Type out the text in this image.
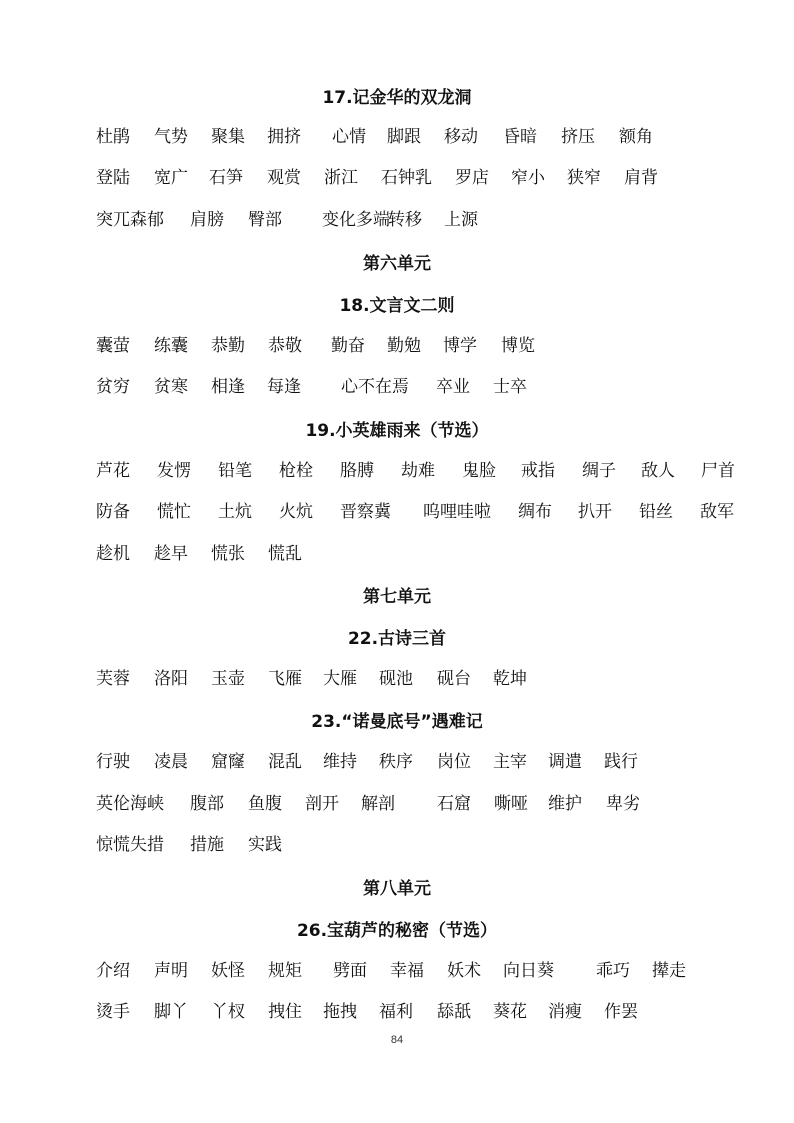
17.记金华的双龙洞
杜鹃 气势 聚集 拥挤 心情 脚跟 移动 昏暗 挤压 额角
登陆 宽广 石笋 观赏 浙江 石钟乳 罗店 窄小 狭窄 肩背
突兀森郁 肩膀 臀部 变化多端
转移 上源
第六单元
18.文言文二则
囊萤 练囊 恭勤 恭敬 勤奋 勤勉 博学 博览
贫穷 贫寒 相逢 每逢 心不在焉 卒业 士卒
19.小英雄雨来（节选）
芦花 发愣 铅笔 枪栓 胳膊 劫难 鬼脸 戒指 绸子 敌人 尸首
防备 慌忙 土炕 火炕 晋察冀 呜哩哇啦 绸布 扒开 铅丝 敌军
趁机 趁早 慌张 慌乱
第七单元
22.古诗三首
芙蓉 洛阳 玉壶 飞雁 大雁 砚池 砚台 乾坤
23.“诺曼底号”遇难记
行驶 凌晨 窟窿 混乱 维持 秩序 岗位 主宰 调遣 践行
英伦海峡 腹部 鱼腹 剖开 解剖 石窟 嘶哑 维护 卑劣
惊慌失措 措施 实践
第八单元
26.宝葫芦的秘密（节选）
介绍 声明 妖怪 规矩 劈面 幸福 妖术 向日葵 乖巧 撵走
烫手 脚丫 丫杈 拽住 拖拽 福利 舔舐 葵花 消瘦 作罢
84
